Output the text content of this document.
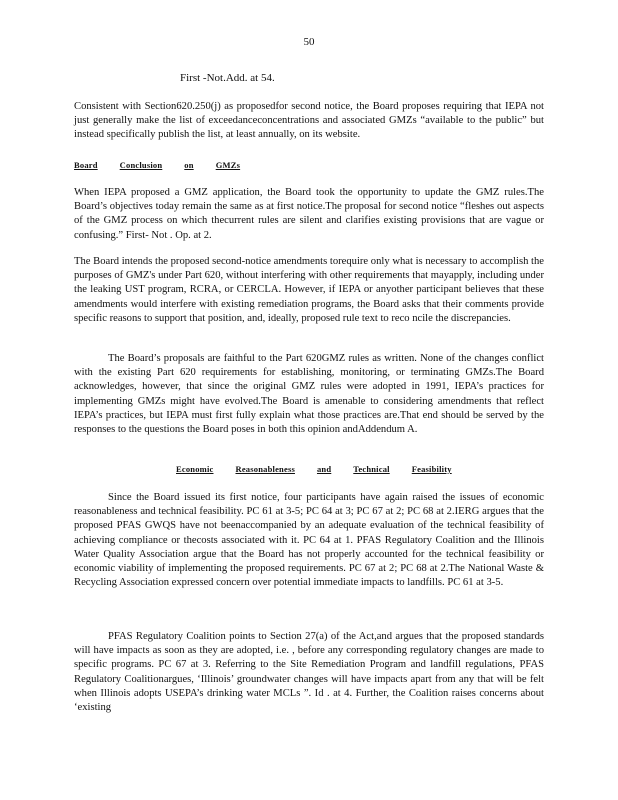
50
First -Not.Add. at 54.

Consistent with Section620.250(j) as proposedfor second notice, the Board proposes requiring that IEPA not just generally make the list of exceedanceconcentrations and associated GMZs “available to the public” but instead specifically publish the list, at least annually, on its website.

Board	Conclusion	on	GMZs

When IEPA proposed a GMZ application, the Board took the opportunity to update the GMZ rules.The Board’s objectives today remain the same as at first notice.The proposal for second notice “fleshes out aspects of the GMZ process on which thecurrent rules are silent and clarifies existing provisions that are vague or confusing.” First- Not . Op. at 2.

The Board intends the proposed second-notice amendments torequire only what is necessary to accomplish the purposes of GMZ's under Part 620, without interfering with other requirements that mayapply, including under the leaking UST program, RCRA, or CERCLA. However, if IEPA or anyother participant believes that these amendments would interfere with existing remediation programs, the Board asks that their comments provide specific reasons to support that position, and, ideally, proposed rule text to reco ncile the discrepancies.

The Board’s proposals are faithful to the Part 620GMZ rules as written. None of the changes conflict with the existing Part 620 requirements for establishing, monitoring, or terminating GMZs.The Board acknowledges, however, that since the original GMZ rules were adopted in 1991, IEPA’s practices for implementing GMZs might have evolved.The Board is amenable to considering amendments that reflect IEPA’s practices, but IEPA must first fully explain what those practices are.That end should be served by the responses to the questions the Board poses in both this opinion andAddendum A.

Economic	Reasonableness	and	Technical	Feasibility

Since the Board issued its first notice, four participants have again raised the issues of economic reasonableness and technical feasibility. PC 61 at 3-5; PC 64 at 3; PC 67 at 2; PC 68 at 2.IERG argues that the proposed PFAS GWQS have not beenaccompanied by an adequate evaluation of the technical feasibility of achieving compliance or thecosts associated with it. PC 64 at 1. PFAS Regulatory Coalition and the Illinois Water Quality Association argue that the Board has not properly accounted for the technical feasibility or economic viability of implementing the proposed requirements. PC 67 at 2; PC 68 at 2.The National Waste & Recycling Association expressed concern over potential immediate impacts to landfills. PC 61 at 3-5.

PFAS Regulatory Coalition points to Section 27(a) of the Act,and argues that the proposed standards will have impacts as soon as they are adopted, i.e. , before any corresponding regulatory changes are made to specific programs. PC 67 at 3. Referring to the Site Remediation Program and landfill regulations, PFAS Regulatory Coalitionargues, ‘Illinois’ groundwater changes will have impacts apart from any that will be felt when Illinois adopts USEPA’s drinking water MCLs ”. Id . at 4. Further, the Coalition raises concerns about ‘existing
